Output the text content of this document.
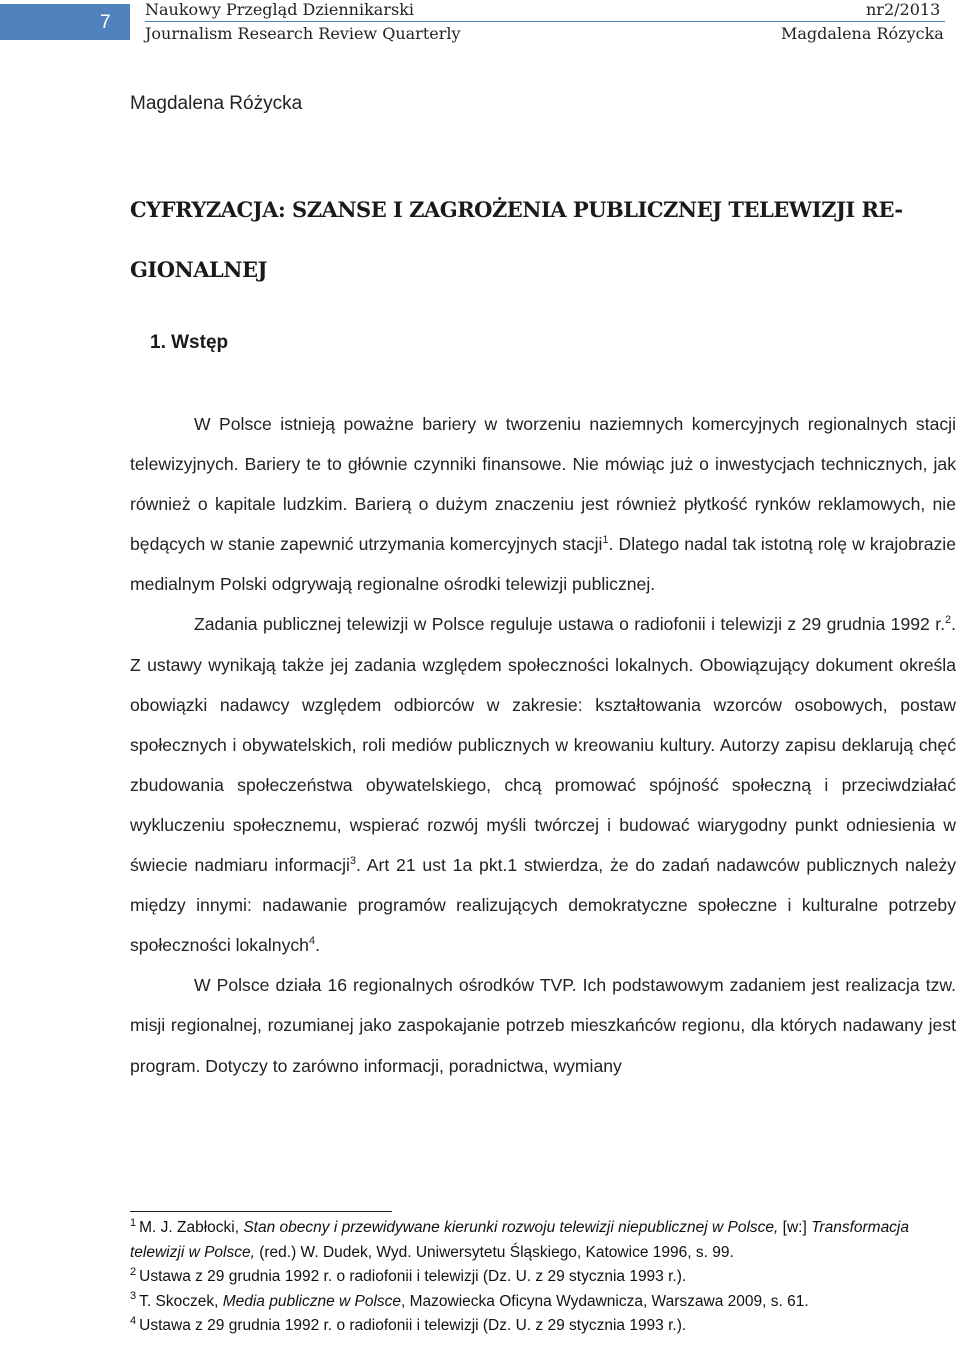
7
Naukowy Przegląd Dziennikarski	nr2/2013
Journalism Research Review Quarterly	Magdalena Rózycka
Magdalena Różycka
CYFRYZACJA: SZANSE I ZAGROŻENIA PUBLICZNEJ TELEWIZJI RE-
GIONALNEJ
1. Wstęp

W Polsce istnieją poważne bariery w tworzeniu naziemnych komercyjnych regionalnych stacji telewizyjnych. Bariery te to głównie czynniki finansowe. Nie mówiąc już o inwestycjach technicznych, jak również o kapitale ludzkim. Barierą o dużym znaczeniu jest również płytkość rynków reklamowych, nie będących w stanie zapewnić utrzymania komercyjnych stacji$^1$. Dlatego nadal tak istotną rolę w krajobrazie medialnym Polski odgrywają regionalne ośrodki telewizji publicznej.

Zadania publicznej telewizji w Polsce reguluje ustawa o radiofonii i telewizji z 29 grudnia 1992 r.$^2$. Z ustawy wynikają także jej zadania względem społeczności lokalnych. Obowiązujący dokument określa obowiązki nadawcy względem odbiorców w zakresie: kształtowania wzorców osobowych, postaw społecznych i obywatelskich, roli mediów publicznych w kreowaniu kultury. Autorzy zapisu deklarują chęć zbudowania społeczeństwa obywatelskiego, chcą promować spójność społeczną i przeciwdziałać wykluczeniu społecznemu, wspierać rozwój myśli twórczej i budować wiarygodny punkt odniesienia w świecie nadmiaru informacji$^3$. Art 21 ust 1a pkt.1 stwierdza, że do zadań nadawców publicznych należy między innymi: nadawanie programów realizujących demokratyczne społeczne i kulturalne potrzeby społeczności lokalnych$^4$.

W Polsce działa 16 regionalnych ośrodków TVP. Ich podstawowym zadaniem jest realizacja tzw. misji regionalnej, rozumianej jako zaspokajanie potrzeb mieszkańców regionu, dla których nadawany jest program. Dotyczy to zarówno informacji, poradnictwa, wymiany

$^1$ M. J. Zabłocki, Stan obecny i przewidywane kierunki rozwoju telewizji niepublicznej w Polsce, [w:] Transformacja telewizji w Polsce, (red.) W. Dudek, Wyd. Uniwersytetu Śląskiego, Katowice 1996, s. 99.

$^2$ Ustawa z 29 grudnia 1992 r. o radiofonii i telewizji (Dz. U. z 29 stycznia 1993 r.).

$^3$ T. Skoczek, Media publiczne w Polsce, Mazowiecka Oficyna Wydawnicza, Warszawa 2009, s. 61.

$^4$ Ustawa z 29 grudnia 1992 r. o radiofonii i telewizji (Dz. U. z 29 stycznia 1993 r.).
